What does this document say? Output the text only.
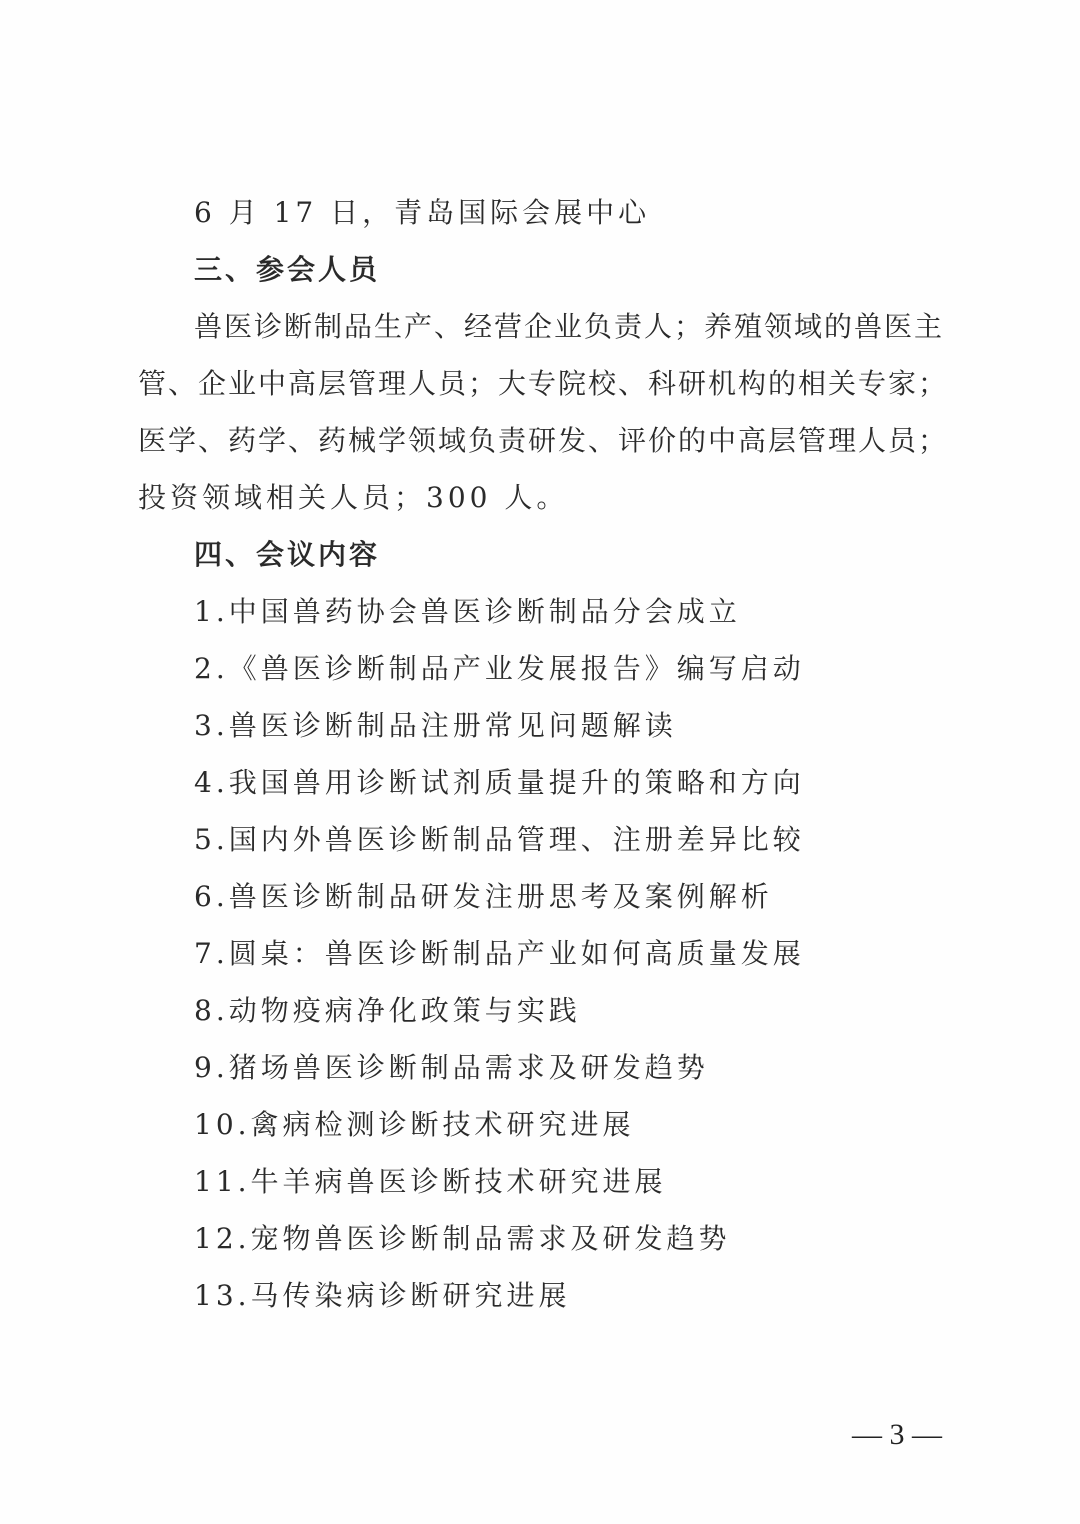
6 月 17 日，青岛国际会展中心
三、参会人员
兽医诊断制品生产、经营企业负责人；养殖领域的兽医主
管、企业中高层管理人员；大专院校、科研机构的相关专家；
医学、药学、药械学领域负责研发、评价的中高层管理人员；
投资领域相关人员；300 人。
四、会议内容
1.中国兽药协会兽医诊断制品分会成立
2.《兽医诊断制品产业发展报告》编写启动
3.兽医诊断制品注册常见问题解读
4.我国兽用诊断试剂质量提升的策略和方向
5.国内外兽医诊断制品管理、注册差异比较
6.兽医诊断制品研发注册思考及案例解析
7.圆桌：兽医诊断制品产业如何高质量发展
8.动物疫病净化政策与实践
9.猪场兽医诊断制品需求及研发趋势
10.禽病检测诊断技术研究进展
11.牛羊病兽医诊断技术研究进展
12.宠物兽医诊断制品需求及研发趋势
13.马传染病诊断研究进展
— 3 —
